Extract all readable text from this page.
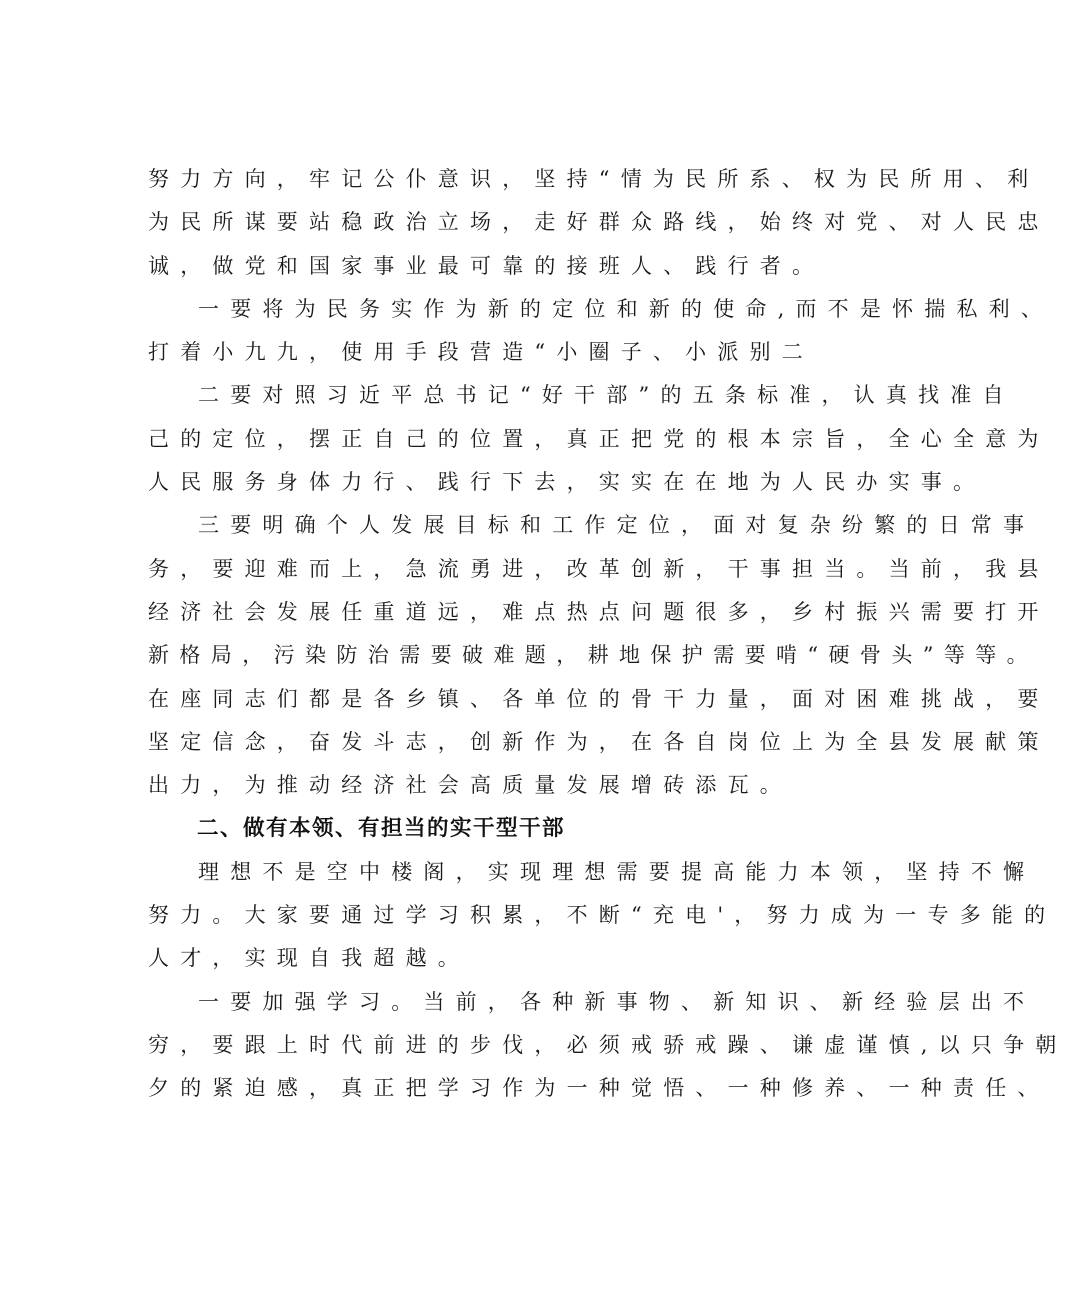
努力方向，牢记公仆意识，坚持“情为民所系、权为民所用、利
为民所谋要站稳政治立场，走好群众路线，始终对党、对人民忠
诚，做党和国家事业最可靠的接班人、践行者。
一要将为民务实作为新的定位和新的使命,而不是怀揣私利、
打着小九九，使用手段营造“小圈子、小派别二
二要对照习近平总书记“好干部”的五条标准，认真找准自
己的定位，摆正自己的位置，真正把党的根本宗旨，全心全意为
人民服务身体力行、践行下去，实实在在地为人民办实事。
三要明确个人发展目标和工作定位，面对复杂纷繁的日常事
务，要迎难而上，急流勇进，改革创新，干事担当。当前，我县
经济社会发展任重道远，难点热点问题很多，乡村振兴需要打开
新格局，污染防治需要破难题，耕地保护需要啃“硬骨头”等等。
在座同志们都是各乡镇、各单位的骨干力量，面对困难挑战，要
坚定信念，奋发斗志，创新作为，在各自岗位上为全县发展献策
出力，为推动经济社会高质量发展增砖添瓦。
二、做有本领、有担当的实干型干部
理想不是空中楼阁，实现理想需要提高能力本领，坚持不懈
努力。大家要通过学习积累，不断“充电'，努力成为一专多能的
人才，实现自我超越。
一要加强学习。当前，各种新事物、新知识、新经验层出不
穷，要跟上时代前进的步伐，必须戒骄戒躁、谦虚谨慎,以只争朝
夕的紧迫感，真正把学习作为一种觉悟、一种修养、一种责任、
